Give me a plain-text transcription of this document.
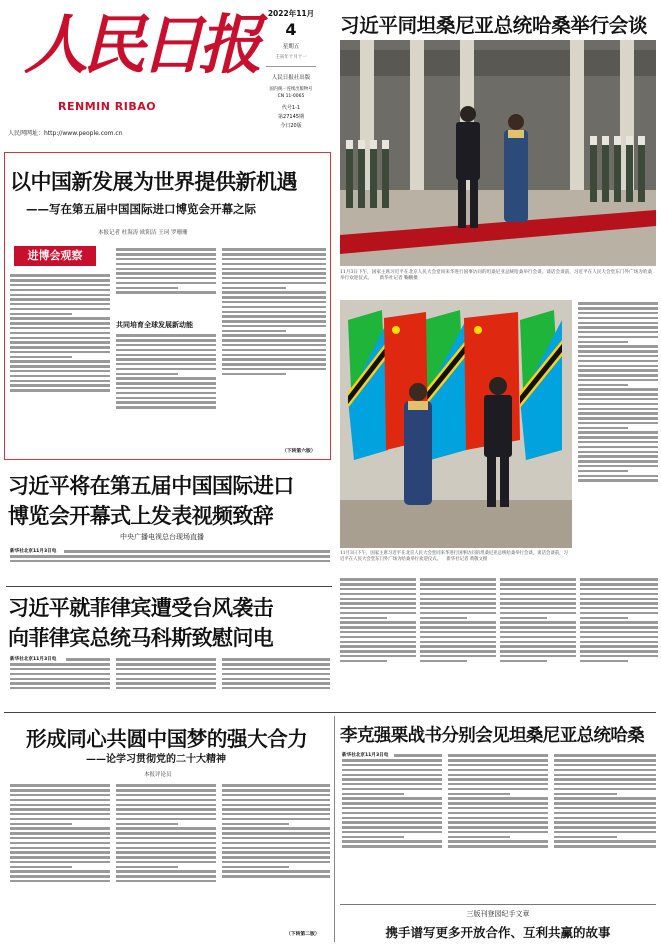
人民日报
RENMIN RIBAO
人民网网址：http://www.people.com.cn
2022年11月
4
星期五
壬寅年十月十一
人民日报社出版
国内统一连续出版物号
CN 11-0065
代号1-1
第27145期
今日20版
习近平同坦桑尼亚总统哈桑举行会谈
11月3日下午，国家主席习近平在北京人民大会堂同来华进行国事访问的坦桑尼亚总统哈桑举行会谈。谈话会谈前，习近平在人民大会堂东门外广场为哈桑举行欢迎仪式。 新华社记者 鞠鹏摄
11月3日下午，国家主席习近平在北京人民大会堂同来华进行国事访问的坦桑尼亚总统哈桑举行会谈。谈话会谈前，习近平在人民大会堂东门外广场为哈桑举行欢迎仪式。 新华社记者 黄敬文摄
以中国新发展为世界提供新机遇
——写在第五届中国国际进口博览会开幕之际
本报记者 杜海涛 欧阳洁 王珂 罗珊珊
进博会观察
共同培育全球发展新动能
（下转第六版）
习近平将在第五届中国国际进口
博览会开幕式上发表视频致辞
中央广播电视总台现场直播
新华社北京11月3日电
习近平就菲律宾遭受台风袭击
向菲律宾总统马科斯致慰问电
新华社北京11月3日电
形成同心共圆中国梦的强大合力
——论学习贯彻党的二十大精神
本报评论员
（下转第二版）
李克强栗战书分别会见坦桑尼亚总统哈桑
新华社北京11月3日电
三版刊登园纪手文章
携手谱写更多开放合作、互利共赢的故事
